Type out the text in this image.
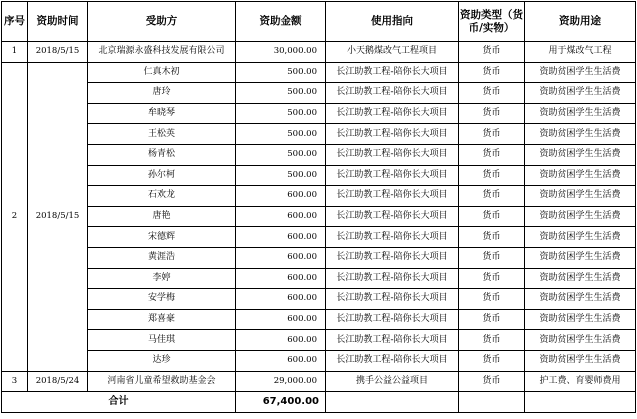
序号	资助时间	受助方	资助金额	使用指向	资助类型（货币/实物）	资助用途
1	2018/5/15	北京瑞源永盛科技发展有限公司	30,000.00	小天鹅煤改气工程项目	货币	用于煤改气工程
2	2018/5/15	仁真木初	500.00	长江助教工程-陪你长大项目	货币	资助贫困学生生活费
		唐玲	500.00	长江助教工程-陪你长大项目	货币	资助贫困学生生活费
		牟晓琴	500.00	长江助教工程-陪你长大项目	货币	资助贫困学生生活费
		王松英	500.00	长江助教工程-陪你长大项目	货币	资助贫困学生生活费
		杨青松	500.00	长江助教工程-陪你长大项目	货币	资助贫困学生生活费
		孙尔柯	500.00	长江助教工程-陪你长大项目	货币	资助贫困学生生活费
		石欢龙	600.00	长江助教工程-陪你长大项目	货币	资助贫困学生生活费
		唐艳	600.00	长江助教工程-陪你长大项目	货币	资助贫困学生生活费
		宋德辉	600.00	长江助教工程-陪你长大项目	货币	资助贫困学生生活费
		黄涯浩	600.00	长江助教工程-陪你长大项目	货币	资助贫困学生生活费
		李婷	600.00	长江助教工程-陪你长大项目	货币	资助贫困学生生活费
		安学梅	600.00	长江助教工程-陪你长大项目	货币	资助贫困学生生活费
		郑喜豪	600.00	长江助教工程-陪你长大项目	货币	资助贫困学生生活费
		马佳琪	600.00	长江助教工程-陪你长大项目	货币	资助贫困学生生活费
		达珍	600.00	长江助教工程-陪你长大项目	货币	资助贫困学生生活费
3	2018/5/24	河南省儿童希望救助基金会	29,000.00	携手公益公益项目	货币	护工费、育婴师费用
合计			67,400.00			
